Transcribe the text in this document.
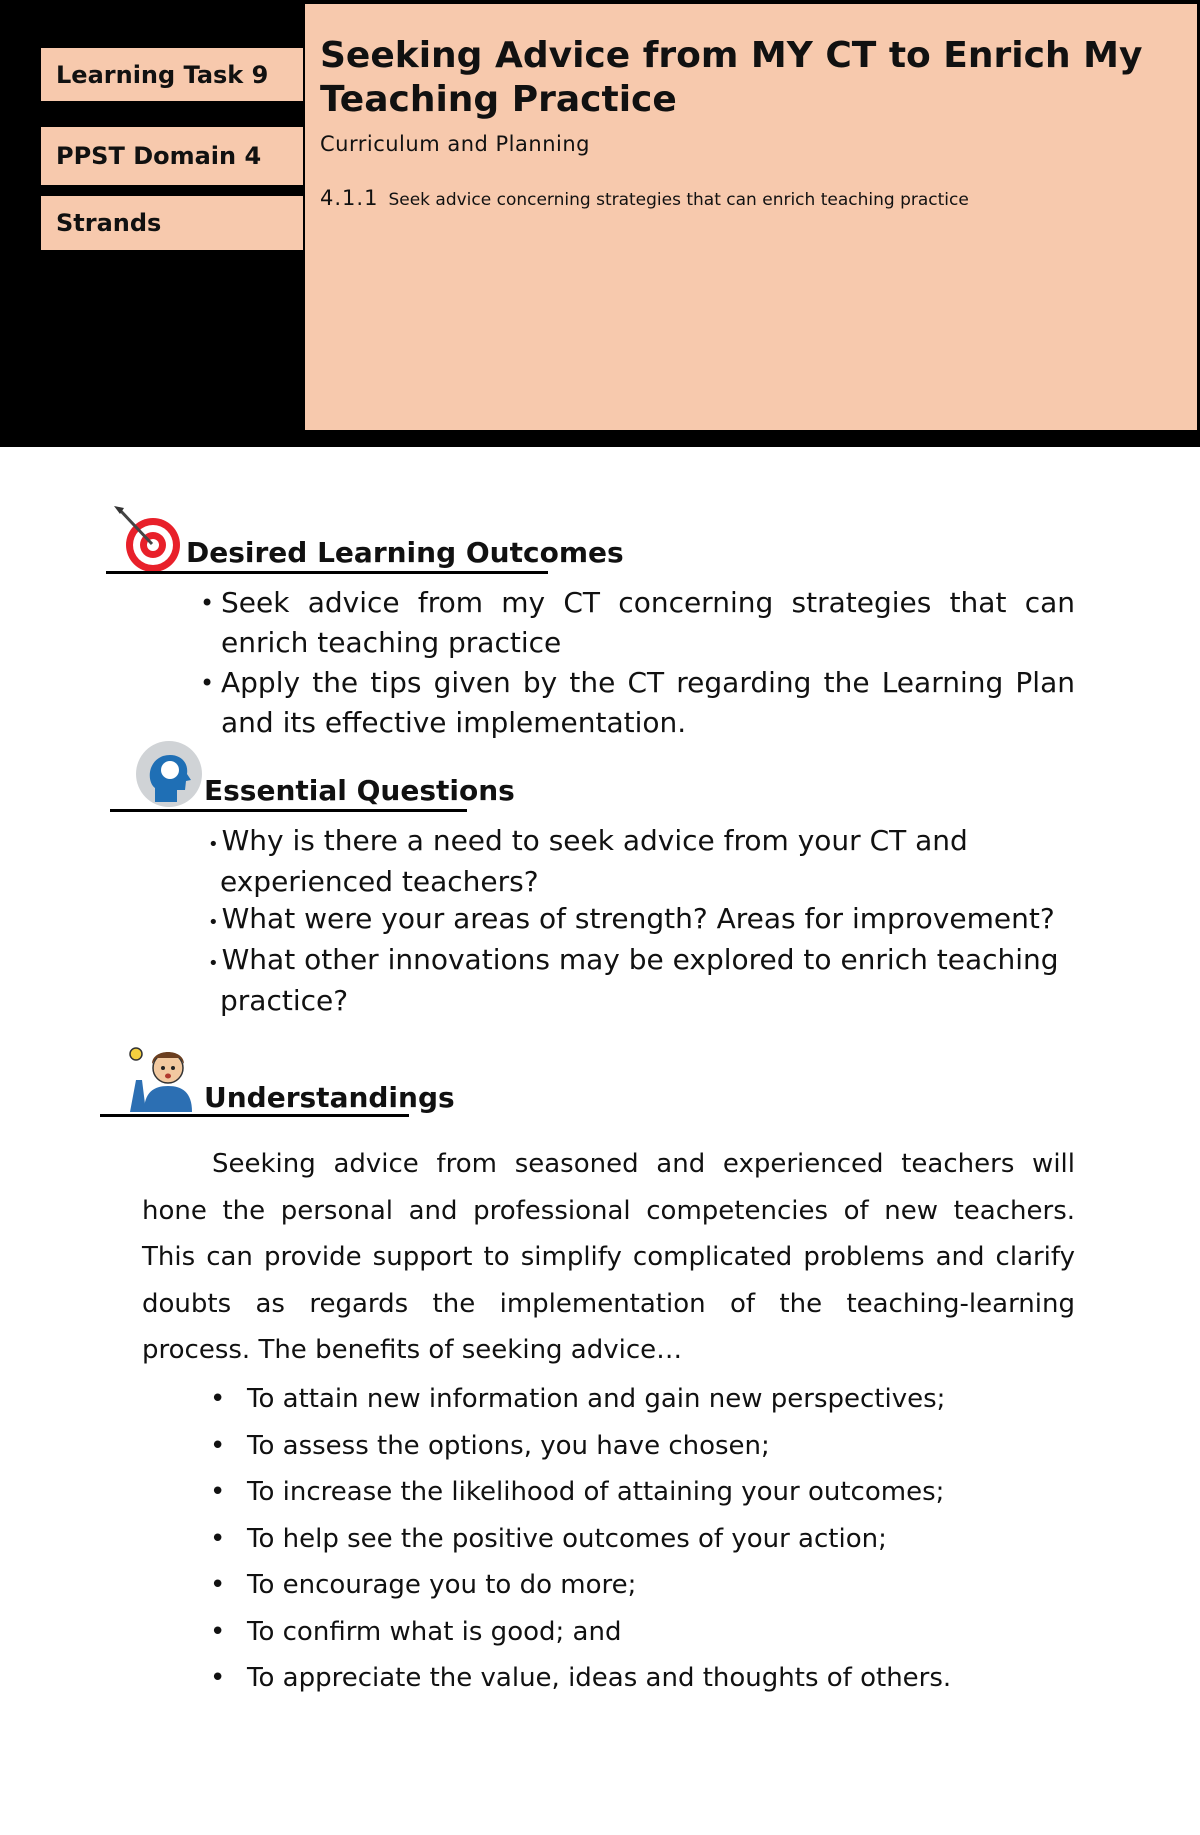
Learning Task 9
PPST Domain 4
Strands
Seeking Advice from MY CT to Enrich My Teaching Practice
Curriculum and Planning
4.1.1 Seek advice concerning strategies that can enrich teaching practice
Desired Learning Outcomes
• Seek advice from my CT concerning strategies that can enrich teaching practice
• Apply the tips given by the CT regarding the Learning Plan and its effective implementation.
Essential Questions
• Why is there a need to seek advice from your CT and experienced teachers?
• What were your areas of strength? Areas for improvement?
• What other innovations may be explored to enrich teaching practice?
Understandings

Seeking advice from seasoned and experienced teachers will hone the personal and professional competencies of new teachers. This can provide support to simplify complicated problems and clarify doubts as regards the implementation of the teaching-learning process. The benefits of seeking advice…

• To attain new information and gain new perspectives;
• To assess the options, you have chosen;
• To increase the likelihood of attaining your outcomes;
• To help see the positive outcomes of your action;
• To encourage you to do more;
• To confirm what is good; and
• To appreciate the value, ideas and thoughts of others.
